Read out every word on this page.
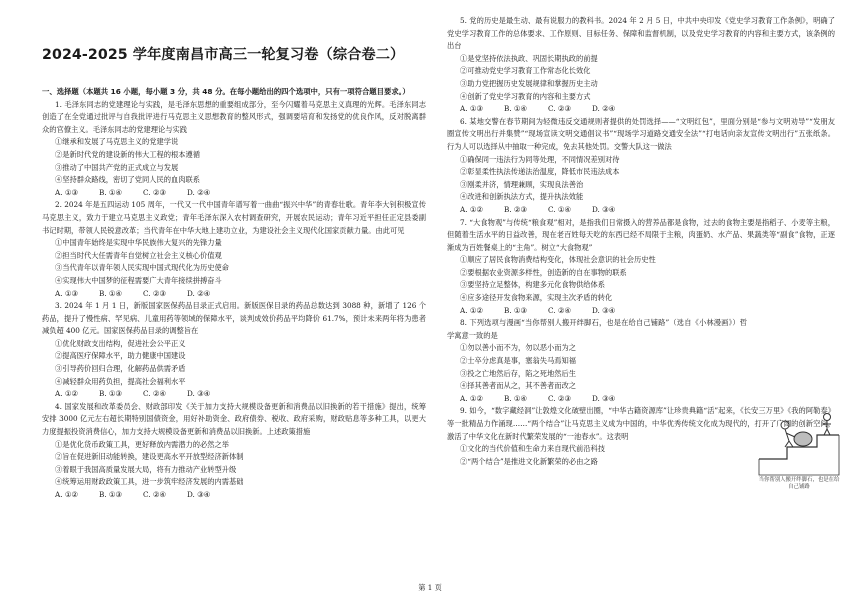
2024-2025 学年度南昌市高三一轮复习卷（综合卷二）

一、选择题（本题共 16 小题，每小题 3 分，共 48 分。在每小题给出的四个选项中，只有一项符合题目要求。）

1. 毛泽东同志的党建理论与实践，是毛泽东思想的重要组成部分，至今闪耀着马克思主义真理的光辉。毛泽东同志创造了在全党通过批评与自我批评进行马克思主义思想教育的整风形式，强调要培育和发扬党的优良作风，反对脱离群众的官僚主义。毛泽东同志的党建理论与实践

①继承和发展了马克思主义的党建学说

②是新时代党的建设新的伟大工程的根本遵循

③推动了中国共产党的正式成立与发展

④坚持群众路线，密切了党同人民的血肉联系

A. ①③	B. ①④	C. ②③	D. ②④

2. 2024 年是五四运动 105 周年，一代又一代中国青年谱写着一曲曲“振兴中华”的青春壮歌。青年李大钊积极宣传马克思主义，致力于建立马克思主义政党；青年毛泽东深入农村调查研究，开展农民运动；青年习近平担任正定县委副书记时期，带领人民锐意改革；当代青年在中华大地上建功立业，为建设社会主义现代化国家贡献力量。由此可见

①中国青年始终是实现中华民族伟大复兴的先锋力量

②担当时代大任需青年自觉树立社会主义核心价值观

③当代青年以青年领人民实现中国式现代化为历史使命

④实现伟大中国梦的征程需要广大青年接续拼搏奋斗

A. ①③	B. ①④	C. ②③	D. ②④

3. 2024 年 1 月 1 日，新版国家医保药品目录正式启用。新版医保目录的药品总数达到 3088 种，新增了 126 个药品，提升了慢性病、罕见病、儿童用药等领域的保障水平，谈判成效价药品平均降价 61.7%，预计未来两年将为患者减负超 400 亿元。国家医保药品目录的调整旨在

①优化财政支出结构，促进社会公平正义

②提高医疗保障水平，助力健康中国建设

③引导药价回归合理，化解药品供需矛盾

④减轻群众用药负担，提高社会福利水平

A. ①②	B. ①③	C. ②④	D. ③④

4. 国家发展和改革委员会、财政部印发《关于加力支持大规模设备更新和消费品以旧换新的若干措施》提出，统筹安排 3000 亿元左右超长期特别国债资金，用好补助资金、政府债券、税收、政府采购，财政贴息等多种工具，以更大力度提振投资消费信心，加力支持大规模设备更新和消费品以旧换新。上述政策措施

①是优化货币政策工具，更好释放内需潜力的必然之举

②旨在促进新旧动能转换，建设更高水平开放型经济新体制

③着眼于我国高质量发展大局，将有力推动产业转型升级

④统筹运用财政政策工具，进一步筑牢经济发展的内需基础

A. ①②	B. ①③	C. ②④	D. ③④

5. 党的历史是最生动、最有说服力的教科书。2024 年 2 月 5 日，中共中央印发《党史学习教育工作条例》，明确了党史学习教育工作的总体要求、工作原则、目标任务、保障和监督机制，以及党史学习教育的内容和主要方式，该条例的出台

①是党坚持依法执政、巩固长期执政的前提

②可推动党史学习教育工作常态化长效化

③助力党把握历史发展规律和掌握历史主动

④创新了党史学习教育的内容和主要方式

A. ①③	B. ①④	C. ②③	D. ②④

6. 某地交警在春节期间为轻微违反交通规则者提供的处罚选择——“文明红包”，里面分别是“参与文明劝导”“发朋友圈宣传文明出行并集赞”“现场宣读文明交通倡议书”“现场学习道路交通安全法”“打电话向亲友宣传文明出行”五张纸条。行为人可以选择从中抽取一种完成，免去其他处罚。交警大队这一做法

①确保同一违法行为同等处理，不同情况差别对待

②彰显柔性执法传递法治温度，降低市民违法成本

③刚柔并济，情理兼顾，实现良法善治

④改进和创新执法方式，提升执法效能

A. ①②	B. ②③	C. ①④	D. ③④

7. “大食物观”与传统“粮食观”相对，是指我们日常摄入的营养品都是食物，过去的食物主要是指稻子、小麦等主粮，但随着生活水平的日益改善，现在老百姓每天吃的东西已经不局限于主粮，肉蛋奶、水产品、果蔬类等“副食”食物，正逐渐成为百姓餐桌上的“主角”。树立“大食物观”

①顺应了居民食物消费结构变化，体现社会意识的社会历史性

②要根据农业资源多样性，创造新的自在事物的联系

③要坚持立足整体，构建多元化食物供给体系

④应多途径开发食物来源，实现主次矛盾的转化

A. ①②	B. ①③	C. ②④	D. ③④

8. 下列选项与漫画“当你帮别人搬开绊脚石，也是在给自己铺路”（选自《小林漫画》）哲学寓意一致的是

①勿以善小而不为，勿以恶小而为之

②士卒分虑真是事，塞翁失马焉知福

③投之亡地然后存，陷之死地然后生

④择其善者而从之，其不善者而改之

A. ①②	B. ①④	C. ②③	D. ③④

9. 如今，“数字藏经洞”让敦煌文化破壁出圈，“中华古籍资源库”让珍贵典籍“活”起来，《长安三万里》《我的阿勒泰》等一批精品力作涌现……“两个结合”让马克思主义成为中国的，中华优秀传统文化成为现代的，打开了广阔的创新空间，激活了中华文化在新时代繁荣发展的“一池春水”。这表明

①文化的当代价值和生命力来自现代前沿科技

②“两个结合”是推进文化新繁荣的必由之路

当你帮别人搬开绊脚石，也是在给自己铺路
第 1 页
